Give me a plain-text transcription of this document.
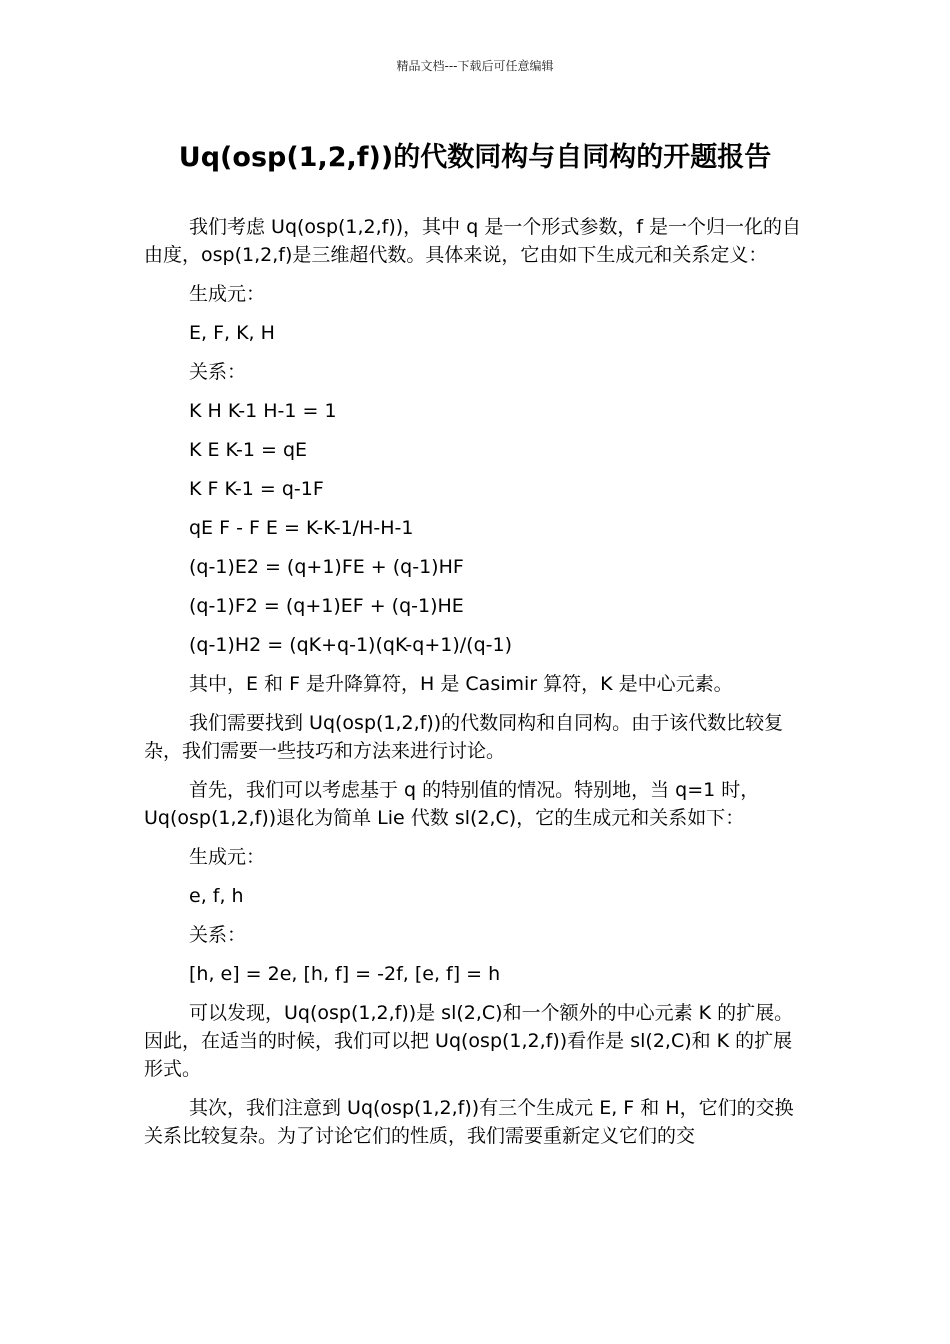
精品文档---下载后可任意编辑
Uq(osp(1,2,f))的代数同构与自同构的开题报告

我们考虑 Uq(osp(1,2,f))，其中 q 是一个形式参数，f 是一个归一化的自由度，osp(1,2,f)是三维超代数。具体来说，它由如下生成元和关系定义：

生成元：

E, F, K, H

关系：

K H K-1 H-1 = 1

K E K-1 = qE

K F K-1 = q-1F

qE F - F E = K-K-1/H-H-1

(q-1)E2 = (q+1)FE + (q-1)HF

(q-1)F2 = (q+1)EF + (q-1)HE

(q-1)H2 = (qK+q-1)(qK-q+1)/(q-1)

其中，E 和 F 是升降算符，H 是 Casimir 算符，K 是中心元素。

我们需要找到 Uq(osp(1,2,f))的代数同构和自同构。由于该代数比较复杂，我们需要一些技巧和方法来进行讨论。

首先，我们可以考虑基于 q 的特别值的情况。特别地，当 q=1 时，Uq(osp(1,2,f))退化为简单 Lie 代数 sl(2,C)，它的生成元和关系如下：

生成元：

e, f, h

关系：

[h, e] = 2e, [h, f] = -2f, [e, f] = h

可以发现，Uq(osp(1,2,f))是 sl(2,C)和一个额外的中心元素 K 的扩展。因此，在适当的时候，我们可以把 Uq(osp(1,2,f))看作是 sl(2,C)和 K 的扩展形式。

其次，我们注意到 Uq(osp(1,2,f))有三个生成元 E, F 和 H，它们的交换关系比较复杂。为了讨论它们的性质，我们需要重新定义它们的交
